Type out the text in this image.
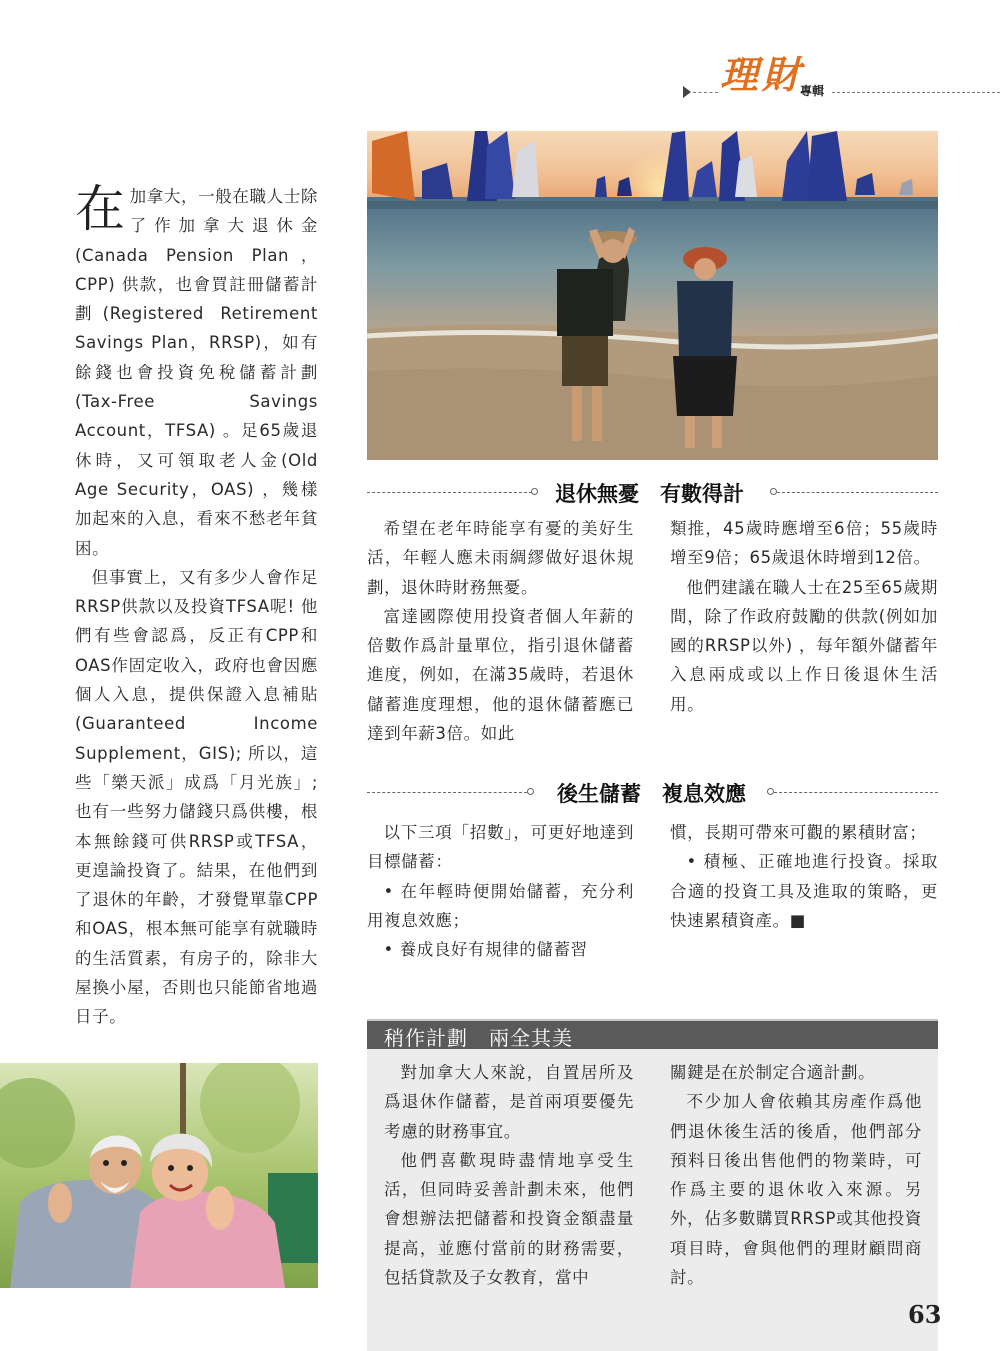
理財
專輯

在加拿大，一般在職人士除了作加拿大退休金(Canada Pension Plan，CPP) 供款，也會買註冊儲蓄計劃(Registered Retirement Savings Plan，RRSP)，如有餘錢也會投資免稅儲蓄計劃(Tax-Free Savings Account，TFSA) 。足65歲退休時，又可領取老人金(Old Age Security，OAS) ，幾樣加起來的入息，看來不愁老年貧困。

但事實上，又有多少人會作足RRSP供款以及投資TFSA呢! 他們有些會認爲，反正有CPP和OAS作固定收入，政府也會因應個人入息，提供保證入息補貼(Guaranteed Income Supplement，GIS); 所以，這些「樂天派」成爲「月光族」; 也有一些努力儲錢只爲供樓，根本無餘錢可供RRSP或TFSA，更遑論投資了。結果，在他們到了退休的年齡，才發覺單靠CPP和OAS，根本無可能享有就職時的生活質素，有房子的，除非大屋換小屋，否則也只能節省地過日子。

退休無憂　有數得計

希望在老年時能享有憂的美好生活，年輕人應未雨綢繆做好退休規劃，退休時財務無憂。

富達國際使用投資者個人年薪的倍數作爲計量單位，指引退休儲蓄進度，例如，在滿35歲時，若退休儲蓄進度理想，他的退休儲蓄應已達到年薪3倍。如此

類推，45歲時應增至6倍；55歲時增至9倍；65歲退休時增到12倍。

他們建議在職人士在25至65歲期間，除了作政府鼓勵的供款(例如加國的RRSP以外) ，每年額外儲蓄年入息兩成或以上作日後退休生活用。

後生儲蓄　複息效應

以下三項「招數」，可更好地達到目標儲蓄：

• 在年輕時便開始儲蓄，充分利用複息效應；

• 養成良好有規律的儲蓄習

慣，長期可帶來可觀的累積財富；

• 積極、正確地進行投資。採取合適的投資工具及進取的策略，更快速累積資產。■

稍作計劃　兩全其美

對加拿大人來說，自置居所及爲退休作儲蓄，是首兩項要優先考慮的財務事宜。

他們喜歡現時盡情地享受生活，但同時妥善計劃未來，他們會想辦法把儲蓄和投資金額盡量提高，並應付當前的財務需要，包括貸款及子女教育，當中

關鍵是在於制定合適計劃。

不少加人會依賴其房產作爲他們退休後生活的後盾，他們部分預料日後出售他們的物業時，可作爲主要的退休收入來源。另外，佔多數購買RRSP或其他投資項目時，會與他們的理財顧問商討。

63
